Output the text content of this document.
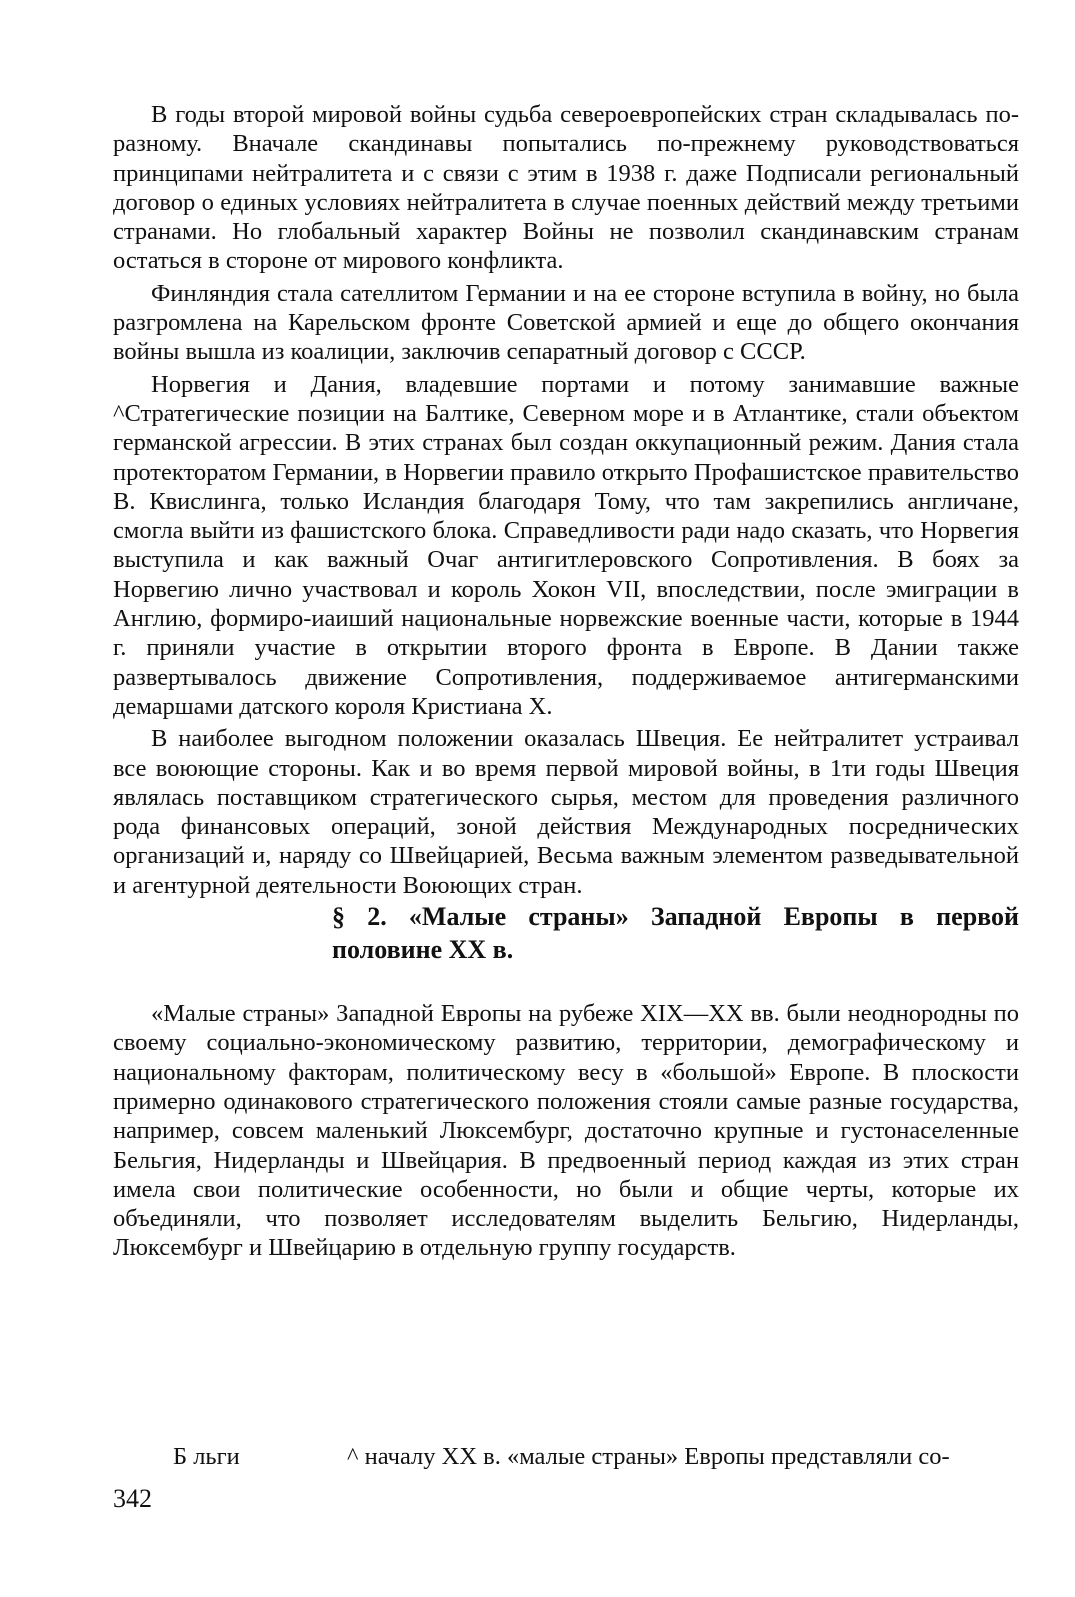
В годы второй мировой войны судьба североевропейских стран складывалась по-разному. Вначале скандинавы попытались по-прежнему руководствоваться принципами нейтралитета и с связи с этим в 1938 г. даже Подписали региональный договор о единых условиях нейтралитета в случае поенных действий между третьими странами. Но глобальный характер Войны не позволил скандинавским странам остаться в стороне от мирового конфликта.

Финляндия стала сателлитом Германии и на ее стороне вступила в войну, но была разгромлена на Карельском фронте Советской армией и еще до общего окончания войны вышла из коалиции, заключив сепаратный договор с СССР.

Норвегия и Дания, владевшие портами и потому занимавшие важные ^Стратегические позиции на Балтике, Северном море и в Атлантике, стали объектом германской агрессии. В этих странах был создан оккупационный режим. Дания стала протекторатом Германии, в Норвегии правило открыто Профашистское правительство В. Квислинга, только Исландия благодаря Тому, что там закрепились англичане, смогла выйти из фашистского блока. Справедливости ради надо сказать, что Норвегия выступила и как важный Очаг антигитлеровского Сопротивления. В боях за Норвегию лично участвовал и король Хокон VII, впоследствии, после эмиграции в Англию, формиро-иаиший национальные норвежские военные части, которые в 1944 г. приняли участие в открытии второго фронта в Европе. В Дании также развертывалось движение Сопротивления, поддерживаемое антигерманскими демаршами датского короля Кристиана X.

В наиболее выгодном положении оказалась Швеция. Ее нейтралитет устраивал все воюющие стороны. Как и во время первой мировой войны, в 1ти годы Швеция являлась поставщиком стратегического сырья, местом для проведения различного рода финансовых операций, зоной действия Международных посреднических организаций и, наряду со Швейцарией, Весьма важным элементом разведывательной и агентурной деятельности Воюющих стран.

§ 2. «Малые страны» Западной Европы в первой половине XX в.

«Малые страны» Западной Европы на рубеже XIX—XX вв. были неоднородны по своему социально-экономическому развитию, территории, демографическому и национальному факторам, политическому весу в «большой» Европе. В плоскости примерно одинакового стратегического положения стояли самые разные государства, например, совсем маленький Люксембург, достаточно крупные и густонаселенные Бельгия, Нидерланды и Швейцария. В предвоенный период каждая из этих стран имела свои политические особенности, но были и общие черты, которые их объединяли, что позволяет исследователям выделить Бельгию, Нидерланды, Люксембург и Швейцарию в отдельную группу государств.

Б льги	^ началу XX в. «малые страны» Европы представляли со-
342
